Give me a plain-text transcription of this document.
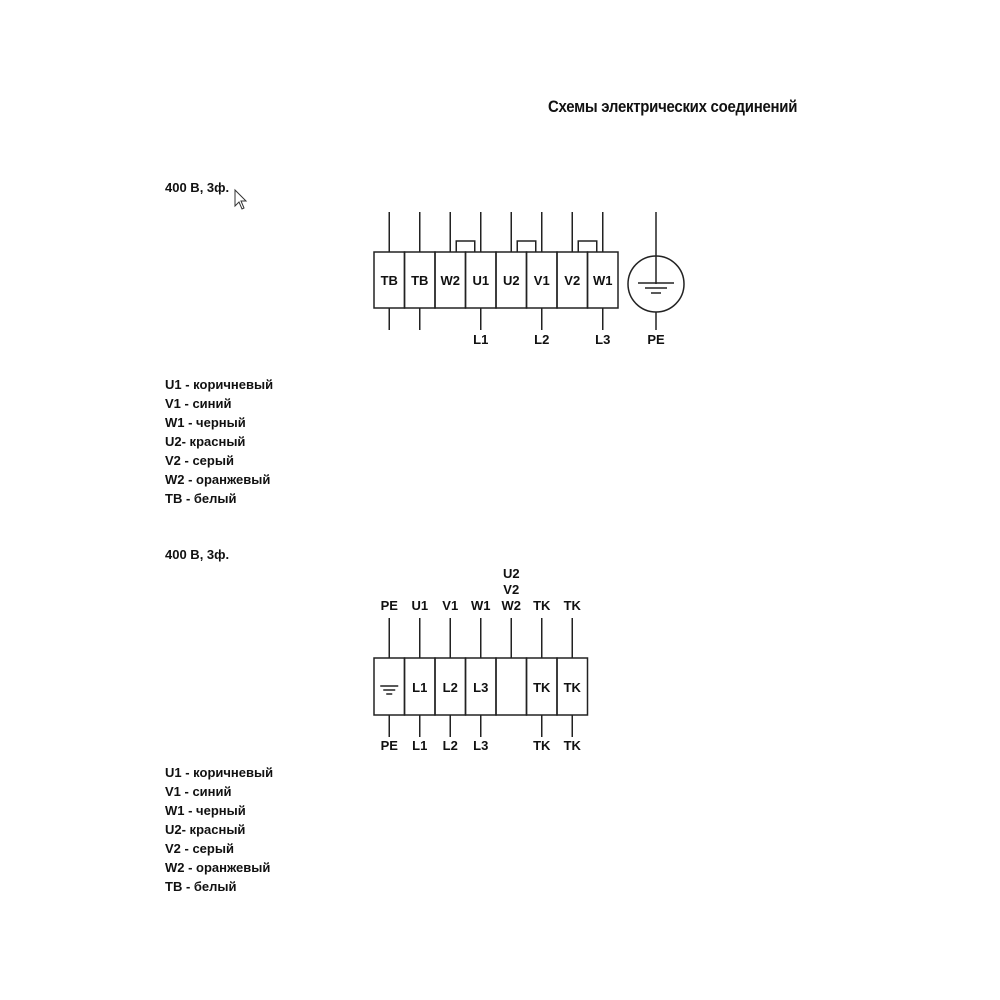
Схемы электрических соединений
400 В, 3ф.
TB TB W2 U1 U2 V1 V2 W1
L1	L2	L3	PE
L1 L2 L3	TK TK
PE U1 V1 W1
U2
V2
W2 TK TK
PE L1 L2 L3	TK TK
U1 - коричневый
V1 - синий
W1 - черный
U2- красный
V2 - серый
W2 - оранжевый
TB - белый
400 В, 3ф.
U1 - коричневый
V1 - синий
W1 - черный
U2- красный
V2 - серый
W2 - оранжевый
TB - белый
